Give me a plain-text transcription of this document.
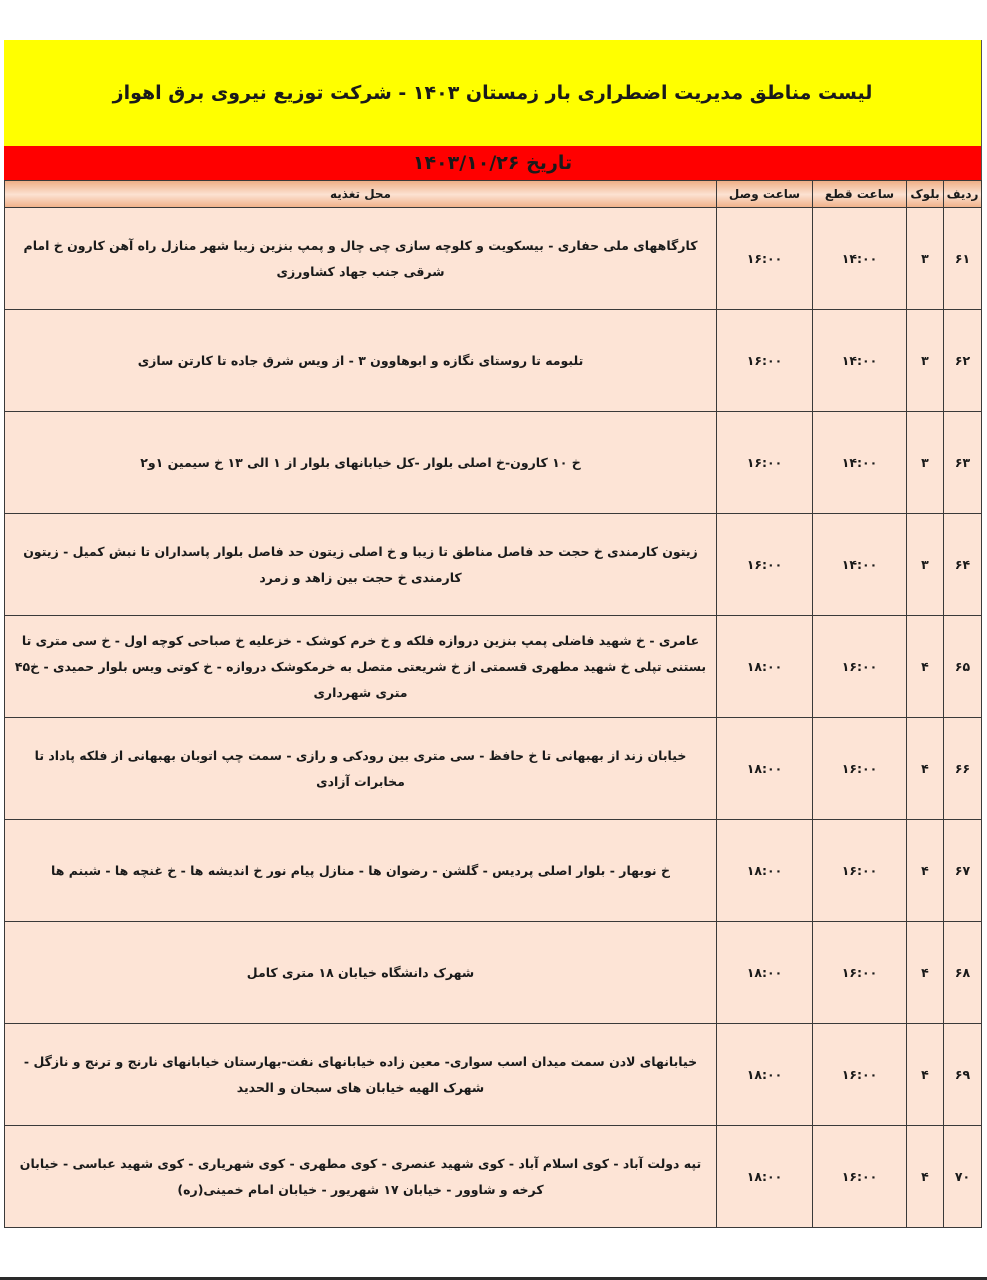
لیست مناطق مدیریت اضطراری بار زمستان ۱۴۰۳ - شرکت توزیع نیروی برق اهواز
تاریخ ۱۴۰۳/۱۰/۲۶
ردیف	بلوک	ساعت قطع	ساعت وصل	محل تغذیه
۶۱	۳	۱۴:۰۰	۱۶:۰۰	کارگاههای ملی حفاری - بیسکویت و کلوچه سازی چی چال و پمپ بنزین زیبا شهر منازل راه آهن کارون خ امام شرقی جنب جهاد کشاورزی
۶۲	۳	۱۴:۰۰	۱۶:۰۰	تلبومه تا روستای نگازه و ابوهاوون ۳ - از ویس شرق جاده تا کارتن سازی
۶۳	۳	۱۴:۰۰	۱۶:۰۰	خ ۱۰ کارون-خ اصلی بلوار -کل خیابانهای بلوار از ۱ الی ۱۳ خ سیمین ۱و۲
۶۴	۳	۱۴:۰۰	۱۶:۰۰	زیتون کارمندی خ حجت حد فاصل مناطق تا زیبا و خ اصلی زیتون حد فاصل بلوار پاسداران تا نبش کمیل - زیتون کارمندی خ حجت بین زاهد و زمرد
۶۵	۴	۱۶:۰۰	۱۸:۰۰	عامری - خ شهید فاضلی پمپ بنزین دروازه فلکه و خ خرم کوشک - خزعلیه خ صباحی کوچه اول - خ سی متری تا بستنی تپلی خ شهید مطهری قسمتی از خ شریعتی متصل به خرمکوشک دروازه - خ کوتی ویس بلوار حمیدی - خ۴۵ متری شهرداری
۶۶	۴	۱۶:۰۰	۱۸:۰۰	خیابان زند از بهبهانی تا خ حافظ - سی متری بین رودکی و رازی - سمت چپ اتوبان بهبهانی از فلکه پاداد تا مخابرات آزادی
۶۷	۴	۱۶:۰۰	۱۸:۰۰	خ نوبهار - بلوار اصلی پردیس - گلشن - رضوان ها - منازل پیام نور خ اندیشه ها - خ غنچه ها - شبنم ها
۶۸	۴	۱۶:۰۰	۱۸:۰۰	شهرک دانشگاه خیابان ۱۸ متری کامل
۶۹	۴	۱۶:۰۰	۱۸:۰۰	خیابانهای لادن سمت میدان اسب سواری- معین زاده خیابانهای نفت-بهارستان خیابانهای نارنج و ترنج و نازگل - شهرک الهیه خیابان های سبحان و الحدید
۷۰	۴	۱۶:۰۰	۱۸:۰۰	تپه دولت آباد - کوی اسلام آباد - کوی شهید عنصری - کوی مطهری - کوی شهریاری - کوی شهید عباسی - خیابان کرخه و شاوور - خیابان ۱۷ شهریور - خیابان امام خمینی(ره)
